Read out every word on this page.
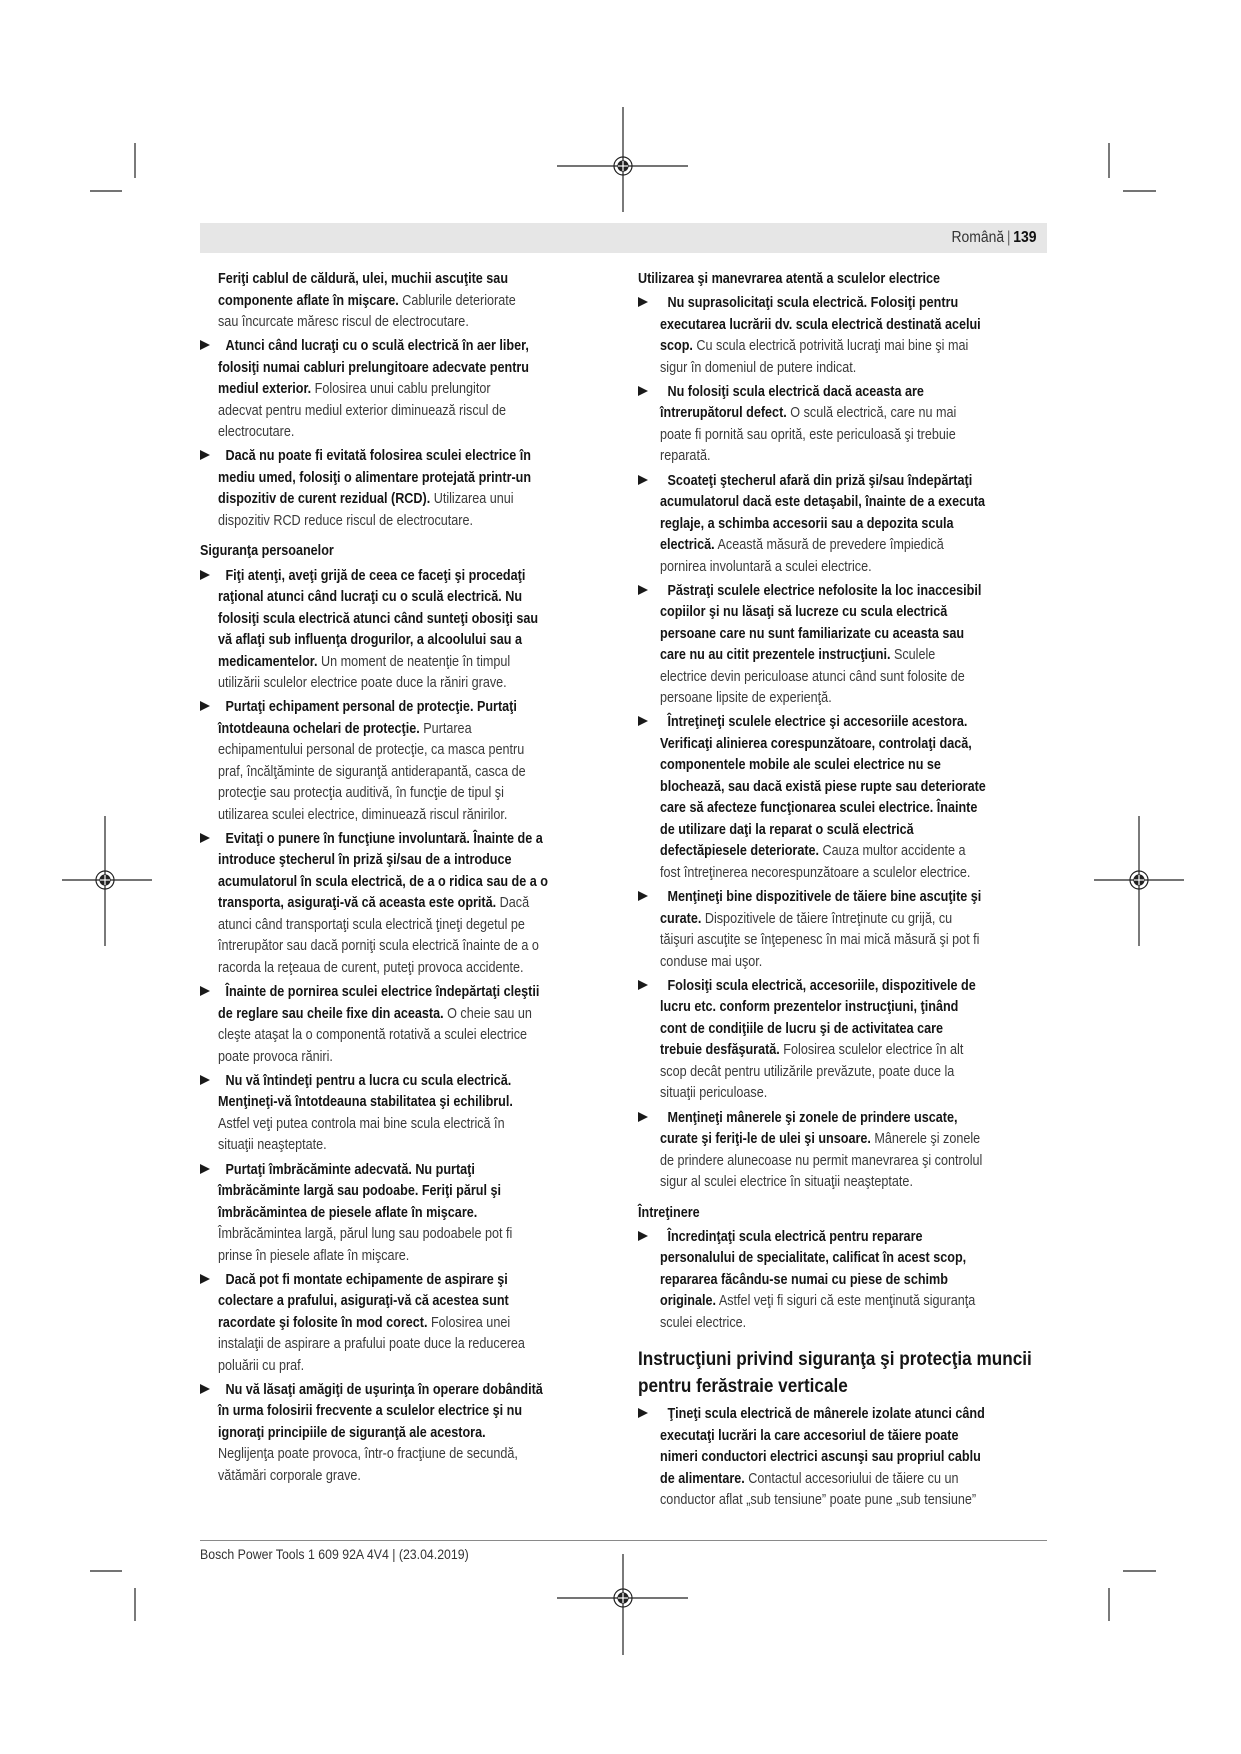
Română | 139
Feriţi cablul de căldură, ulei, muchii ascuţite sau
componente aflate în mişcare. Cablurile deteriorate
sau încurcate măresc riscul de electrocutare.
Atunci când lucraţi cu o sculă electrică în aer liber,
folosiţi numai cabluri prelungitoare adecvate pentru
mediul exterior. Folosirea unui cablu prelungitor
adecvat pentru mediul exterior diminuează riscul de
electrocutare.
Dacă nu poate fi evitată folosirea sculei electrice în
mediu umed, folosiţi o alimentare protejată printr-un
dispozitiv de curent rezidual (RCD). Utilizarea unui
dispozitiv RCD reduce riscul de electrocutare.
Siguranţa persoanelor
Fiţi atenţi, aveţi grijă de ceea ce faceţi şi procedaţi
raţional atunci când lucraţi cu o sculă electrică. Nu
folosiţi scula electrică atunci când sunteţi obosiţi sau
vă aflaţi sub influenţa drogurilor, a alcoolului sau a
medicamentelor. Un moment de neatenţie în timpul
utilizării sculelor electrice poate duce la răniri grave.
Purtaţi echipament personal de protecţie. Purtaţi
întotdeauna ochelari de protecţie. Purtarea
echipamentului personal de protecţie, ca masca pentru
praf, încălţăminte de siguranţă antiderapantă, casca de
protecţie sau protecţia auditivă, în funcţie de tipul şi
utilizarea sculei electrice, diminuează riscul rănirilor.
Evitaţi o punere în funcţiune involuntară. Înainte de a
introduce ştecherul în priză şi/sau de a introduce
acumulatorul în scula electrică, de a o ridica sau de a o
transporta, asiguraţi-vă că aceasta este oprită. Dacă
atunci când transportaţi scula electrică ţineţi degetul pe
întrerupător sau dacă porniţi scula electrică înainte de a o
racorda la reţeaua de curent, puteţi provoca accidente.
Înainte de pornirea sculei electrice îndepărtaţi cleştii
de reglare sau cheile fixe din aceasta. O cheie sau un
cleşte ataşat la o componentă rotativă a sculei electrice
poate provoca răniri.
Nu vă întindeţi pentru a lucra cu scula electrică.
Menţineţi-vă întotdeauna stabilitatea şi echilibrul.
Astfel veţi putea controla mai bine scula electrică în
situaţii neaşteptate.
Purtaţi îmbrăcăminte adecvată. Nu purtaţi
îmbrăcăminte largă sau podoabe. Feriţi părul şi
îmbrăcămintea de piesele aflate în mişcare.
Îmbrăcămintea largă, părul lung sau podoabele pot fi
prinse în piesele aflate în mişcare.
Dacă pot fi montate echipamente de aspirare şi
colectare a prafului, asiguraţi-vă că acestea sunt
racordate şi folosite în mod corect. Folosirea unei
instalaţii de aspirare a prafului poate duce la reducerea
poluării cu praf.
Nu vă lăsaţi amăgiţi de uşurinţa în operare dobândită
în urma folosirii frecvente a sculelor electrice şi nu
ignoraţi principiile de siguranţă ale acestora.
Neglijenţa poate provoca, într-o fracţiune de secundă,
vătămări corporale grave.
Utilizarea şi manevrarea atentă a sculelor electrice
Nu suprasolicitaţi scula electrică. Folosiţi pentru
executarea lucrării dv. scula electrică destinată acelui
scop. Cu scula electrică potrivită lucraţi mai bine şi mai
sigur în domeniul de putere indicat.
Nu folosiţi scula electrică dacă aceasta are
întrerupătorul defect. O sculă electrică, care nu mai
poate fi pornită sau oprită, este periculoasă şi trebuie
reparată.
Scoateţi ştecherul afară din priză şi/sau îndepărtaţi
acumulatorul dacă este detaşabil, înainte de a executa
reglaje, a schimba accesorii sau a depozita scula
electrică. Această măsură de prevedere împiedică
pornirea involuntară a sculei electrice.
Păstraţi sculele electrice nefolosite la loc inaccesibil
copiilor şi nu lăsaţi să lucreze cu scula electrică
persoane care nu sunt familiarizate cu aceasta sau
care nu au citit prezentele instrucţiuni. Sculele
electrice devin periculoase atunci când sunt folosite de
persoane lipsite de experienţă.
Întreţineţi sculele electrice şi accesoriile acestora.
Verificaţi alinierea corespunzătoare, controlaţi dacă,
componentele mobile ale sculei electrice nu se
blochează, sau dacă există piese rupte sau deteriorate
care să afecteze funcţionarea sculei electrice. Înainte
de utilizare daţi la reparat o sculă electrică
defectăpiesele deteriorate. Cauza multor accidente a
fost întreţinerea necorespunzătoare a sculelor electrice.
Menţineţi bine dispozitivele de tăiere bine ascuţite şi
curate. Dispozitivele de tăiere întreţinute cu grijă, cu
tăişuri ascuţite se înţepenesc în mai mică măsură şi pot fi
conduse mai uşor.
Folosiţi scula electrică, accesoriile, dispozitivele de
lucru etc. conform prezentelor instrucţiuni, ţinând
cont de condiţiile de lucru şi de activitatea care
trebuie desfăşurată. Folosirea sculelor electrice în alt
scop decât pentru utilizările prevăzute, poate duce la
situaţii periculoase.
Menţineţi mânerele şi zonele de prindere uscate,
curate şi feriţi-le de ulei şi unsoare. Mânerele şi zonele
de prindere alunecoase nu permit manevrarea şi controlul
sigur al sculei electrice în situaţii neaşteptate.
Întreţinere
Încredinţaţi scula electrică pentru reparare
personalului de specialitate, calificat în acest scop,
repararea făcându-se numai cu piese de schimb
originale. Astfel veţi fi siguri că este menţinută siguranţa
sculei electrice.
Instrucţiuni privind siguranţa şi protecţia muncii
pentru ferăstraie verticale
Ţineţi scula electrică de mânerele izolate atunci când
executaţi lucrări la care accesoriul de tăiere poate
nimeri conductori electrici ascunşi sau propriul cablu
de alimentare. Contactul accesoriului de tăiere cu un
conductor aflat „sub tensiune” poate pune „sub tensiune”
Bosch Power Tools 1 609 92A 4V4 | (23.04.2019)
